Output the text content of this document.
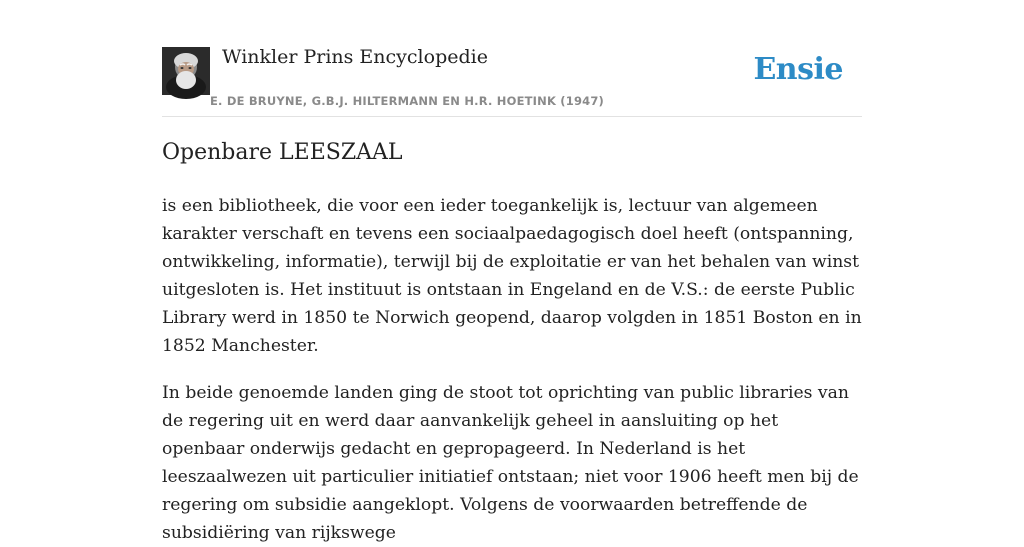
Winkler Prins Encyclopedie
E. DE BRUYNE, G.B.J. HILTERMANN EN H.R. HOETINK (1947)
Ensie
Openbare LEESZAAL

is een bibliotheek, die voor een ieder toegankelijk is, lectuur van algemeen karakter verschaft en tevens een sociaalpaedagogisch doel heeft (ontspanning, ontwikkeling, informatie), terwijl bij de exploitatie er van het behalen van winst uitgesloten is. Het instituut is ontstaan in Engeland en de V.S.: de eerste Public Library werd in 1850 te Norwich geopend, daarop volgden in 1851 Boston en in 1852 Manchester.

In beide genoemde landen ging de stoot tot oprichting van public libraries van de regering uit en werd daar aanvankelijk geheel in aansluiting op het openbaar onderwijs gedacht en gepropageerd. In Nederland is het leeszaalwezen uit particulier initiatief ontstaan; niet voor 1906 heeft men bij de regering om subsidie aangeklopt. Volgens de voorwaarden betreffende de subsidiëring van rijkswege
